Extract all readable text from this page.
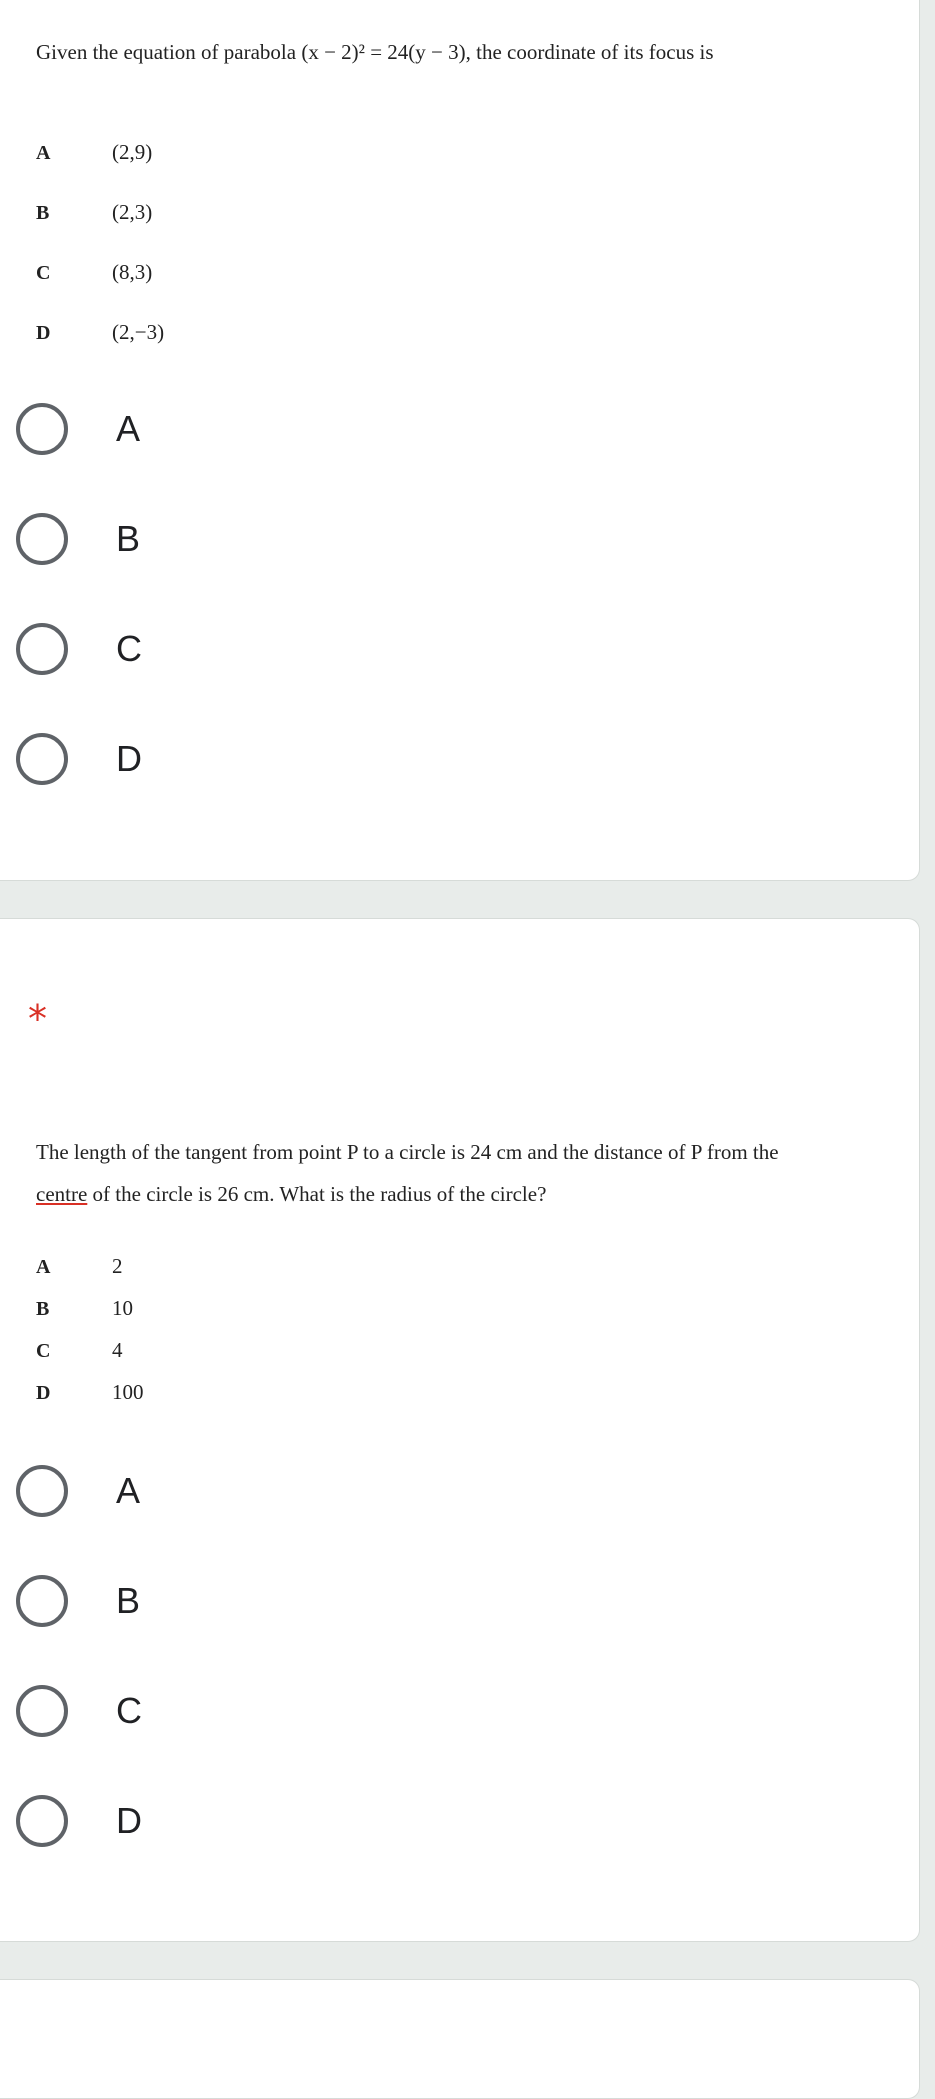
Given the equation of parabola (x − 2)² = 24(y − 3), the coordinate of its focus is
A	(2,9)
B	(2,3)
C	(8,3)
D	(2,−3)
A
B
C
D
*
The length of the tangent from point P to a circle is 24 cm and the distance of P from the
centre of the circle is 26 cm. What is the radius of the circle?
A	2
B	10
C	4
D	100
A
B
C
D
